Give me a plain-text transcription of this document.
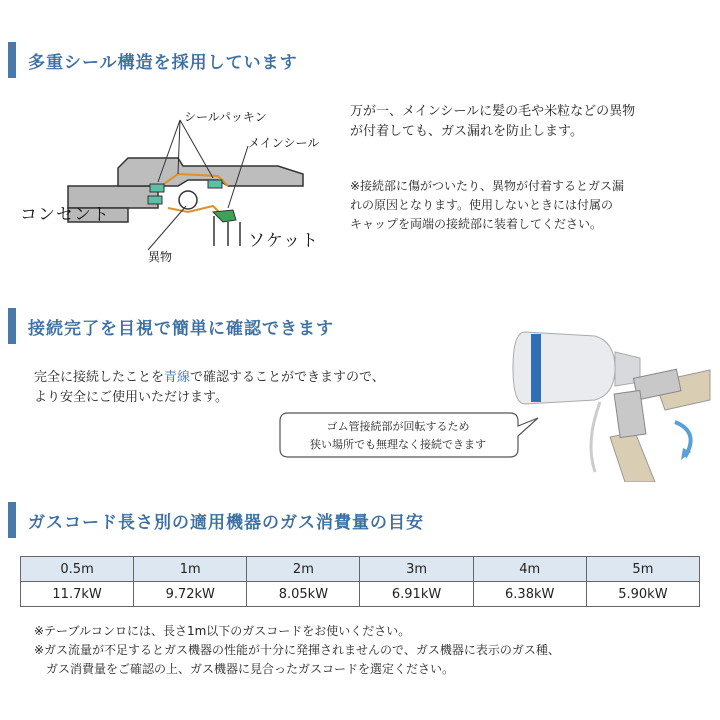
多重シール構造を採用しています
シールパッキン
メインシール
コンセント
ソケット
異物
万が一、メインシールに髪の毛や米粒などの異物
が付着しても、ガス漏れを防止します。
※接続部に傷がついたり、異物が付着するとガス漏
れの原因となります。使用しないときには付属の
キャップを両端の接続部に装着してください。
接続完了を目視で簡単に確認できます
完全に接続したことを青線で確認することができますので、
より安全にご使用いただけます。
ゴム管接続部が回転するため
狭い場所でも無理なく接続できます
ガスコード長さ別の適用機器のガス消費量の目安
0.5m	1m	2m	3m	4m	5m
11.7kW	9.72kW	8.05kW	6.91kW	6.38kW	5.90kW
※テーブルコンロには、長さ1m以下のガスコードをお使いください。
※ガス流量が不足するとガス機器の性能が十分に発揮されませんので、ガス機器に表示のガス種、
ガス消費量をご確認の上、ガス機器に見合ったガスコードを選定ください。
